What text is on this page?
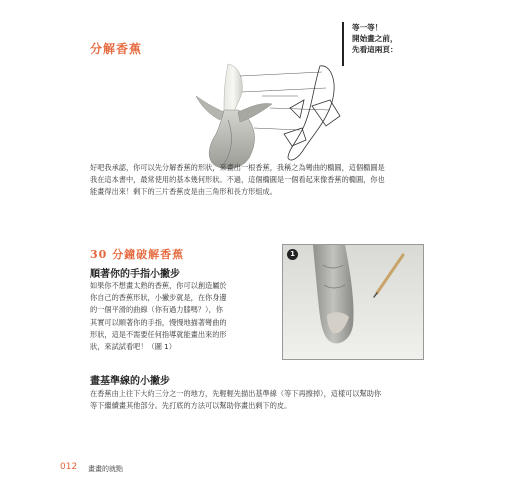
分解香蕉
等一等！
開始畫之前，
先看這兩頁：
好吧我承認，你可以先分解香蕉的形狀，來畫出一根香蕉，我稱之為彎曲的橢圓，這個橢圓是
我在這本書中，最常使用的基本幾何形狀。不過，這個橢圓是一個看起來像香蕉的橢圓，你也
能畫得出來！剩下的三片香蕉皮是由三角形和長方形組成。
30 分鐘破解香蕉
順著你的手指小撇步
如果你不想畫太熟的香蕉，你可以創造屬於
你自己的香蕉形狀，小撇步就是，在你身邊
的一個平滑的曲線（你有過力膝嗎？），你
其實可以順著你的手指，慢慢地描著彎曲的
形狀，這是不需要任何指導就能畫出來的形
狀，來試試看吧！（圖 1）
1
畫基準線的小撇步
在香蕉由上往下大約三分之一的地方，先輕輕先描出基準線（等下再擦掉），這樣可以幫助你
等下繼續畫其他部分。先打底的方法可以幫助你畫出剩下的皮。
012 畫畫的就點
